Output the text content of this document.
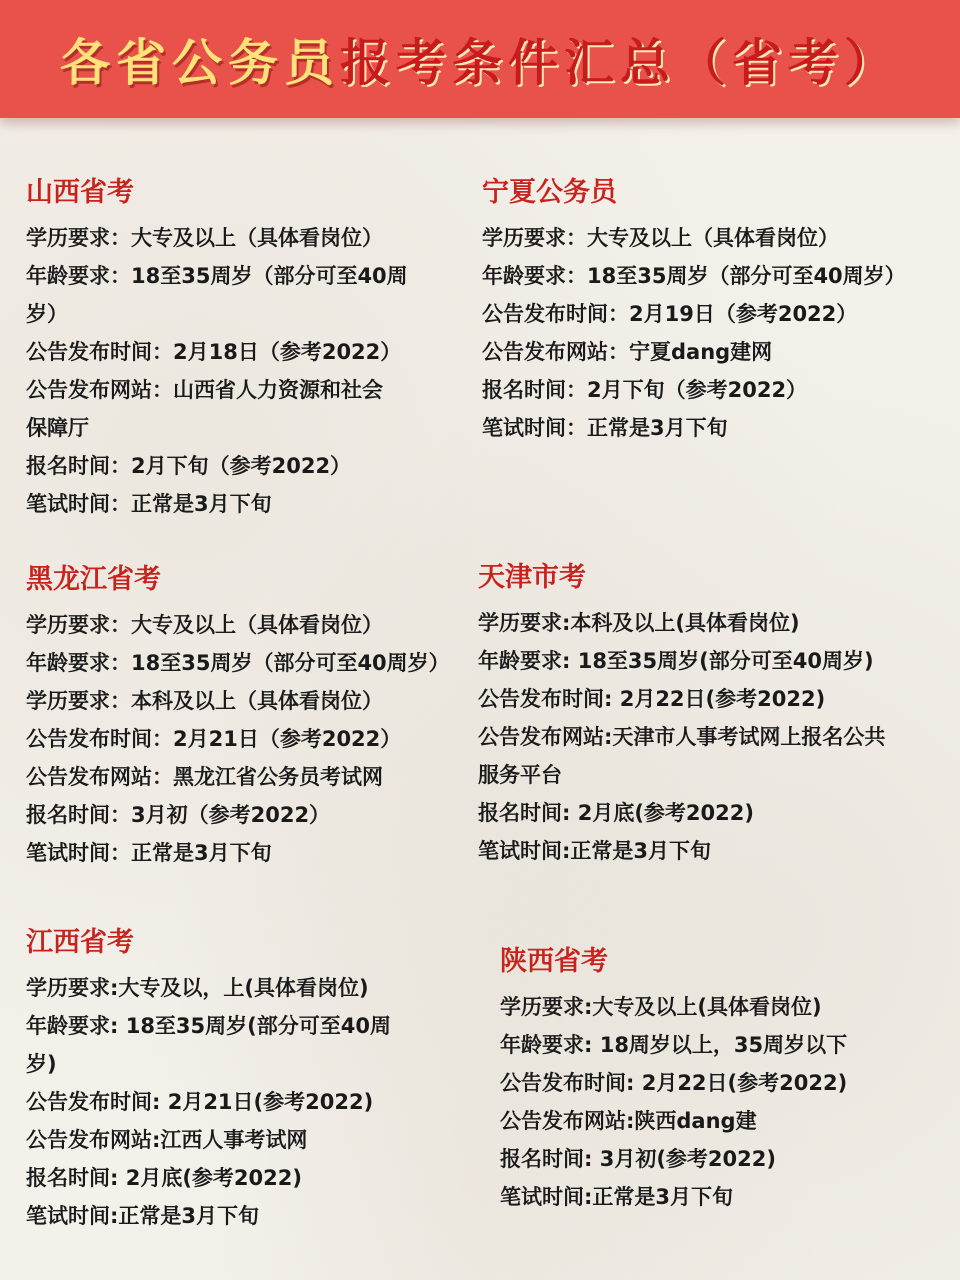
各省公务员报考条件汇总（省考）
山西省考
学历要求：大专及以上（具体看岗位）
年龄要求：18至35周岁（部分可至40周
岁）
公告发布时间：2月18日（参考2022）
公告发布网站：山西省人力资源和社会
保障厅
报名时间：2月下旬（参考2022）
笔试时间：正常是3月下旬
宁夏公务员
学历要求：大专及以上（具体看岗位）
年龄要求：18至35周岁（部分可至40周岁）
公告发布时间：2月19日（参考2022）
公告发布网站：宁夏dang建网
报名时间：2月下旬（参考2022）
笔试时间：正常是3月下旬
黑龙江省考
学历要求：大专及以上（具体看岗位）
年龄要求：18至35周岁（部分可至40周岁）
学历要求：本科及以上（具体看岗位）
公告发布时间：2月21日（参考2022）
公告发布网站：黑龙江省公务员考试网
报名时间：3月初（参考2022）
笔试时间：正常是3月下旬
天津市考
学历要求:本科及以上(具体看岗位)
年龄要求: 18至35周岁(部分可至40周岁)
公告发布时间: 2月22日(参考2022)
公告发布网站:天津市人事考试网上报名公共
服务平台
报名时间: 2月底(参考2022)
笔试时间:正常是3月下旬
江西省考
学历要求:大专及以，上(具体看岗位)
年龄要求: 18至35周岁(部分可至40周
岁)
公告发布时间: 2月21日(参考2022)
公告发布网站:江西人事考试网
报名时间: 2月底(参考2022)
笔试时间:正常是3月下旬
陕西省考
学历要求:大专及以上(具体看岗位)
年龄要求: 18周岁以上，35周岁以下
公告发布时间: 2月22日(参考2022)
公告发布网站:陕西dang建
报名时间: 3月初(参考2022)
笔试时间:正常是3月下旬
